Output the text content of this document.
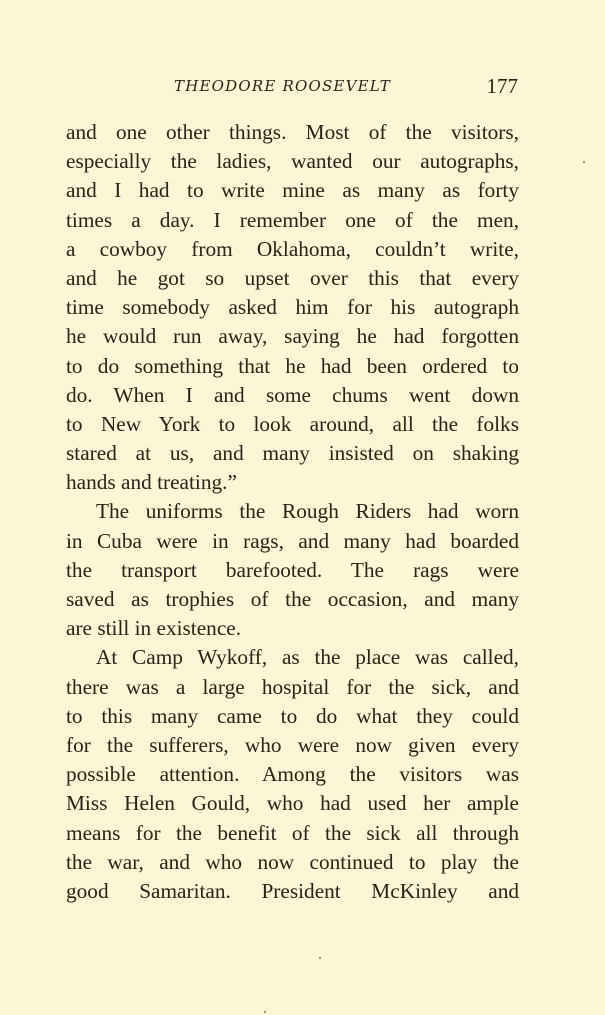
THEODORE ROOSEVELT	177
and one other things. Most of the visitors,
especially the ladies, wanted our autographs,
and I had to write mine as many as forty
times a day. I remember one of the men,
a cowboy from Oklahoma, couldn’t write,
and he got so upset over this that every
time somebody asked him for his autograph
he would run away, saying he had forgotten
to do something that he had been ordered to
do. When I and some chums went down
to New York to look around, all the folks
stared at us, and many insisted on shaking
hands and treating.”
The uniforms the Rough Riders had worn
in Cuba were in rags, and many had boarded
the transport barefooted. The rags were
saved as trophies of the occasion, and many
are still in existence.
At Camp Wykoff, as the place was called,
there was a large hospital for the sick, and
to this many came to do what they could
for the sufferers, who were now given every
possible attention. Among the visitors was
Miss Helen Gould, who had used her ample
means for the benefit of the sick all through
the war, and who now continued to play the
good Samaritan. President McKinley and
